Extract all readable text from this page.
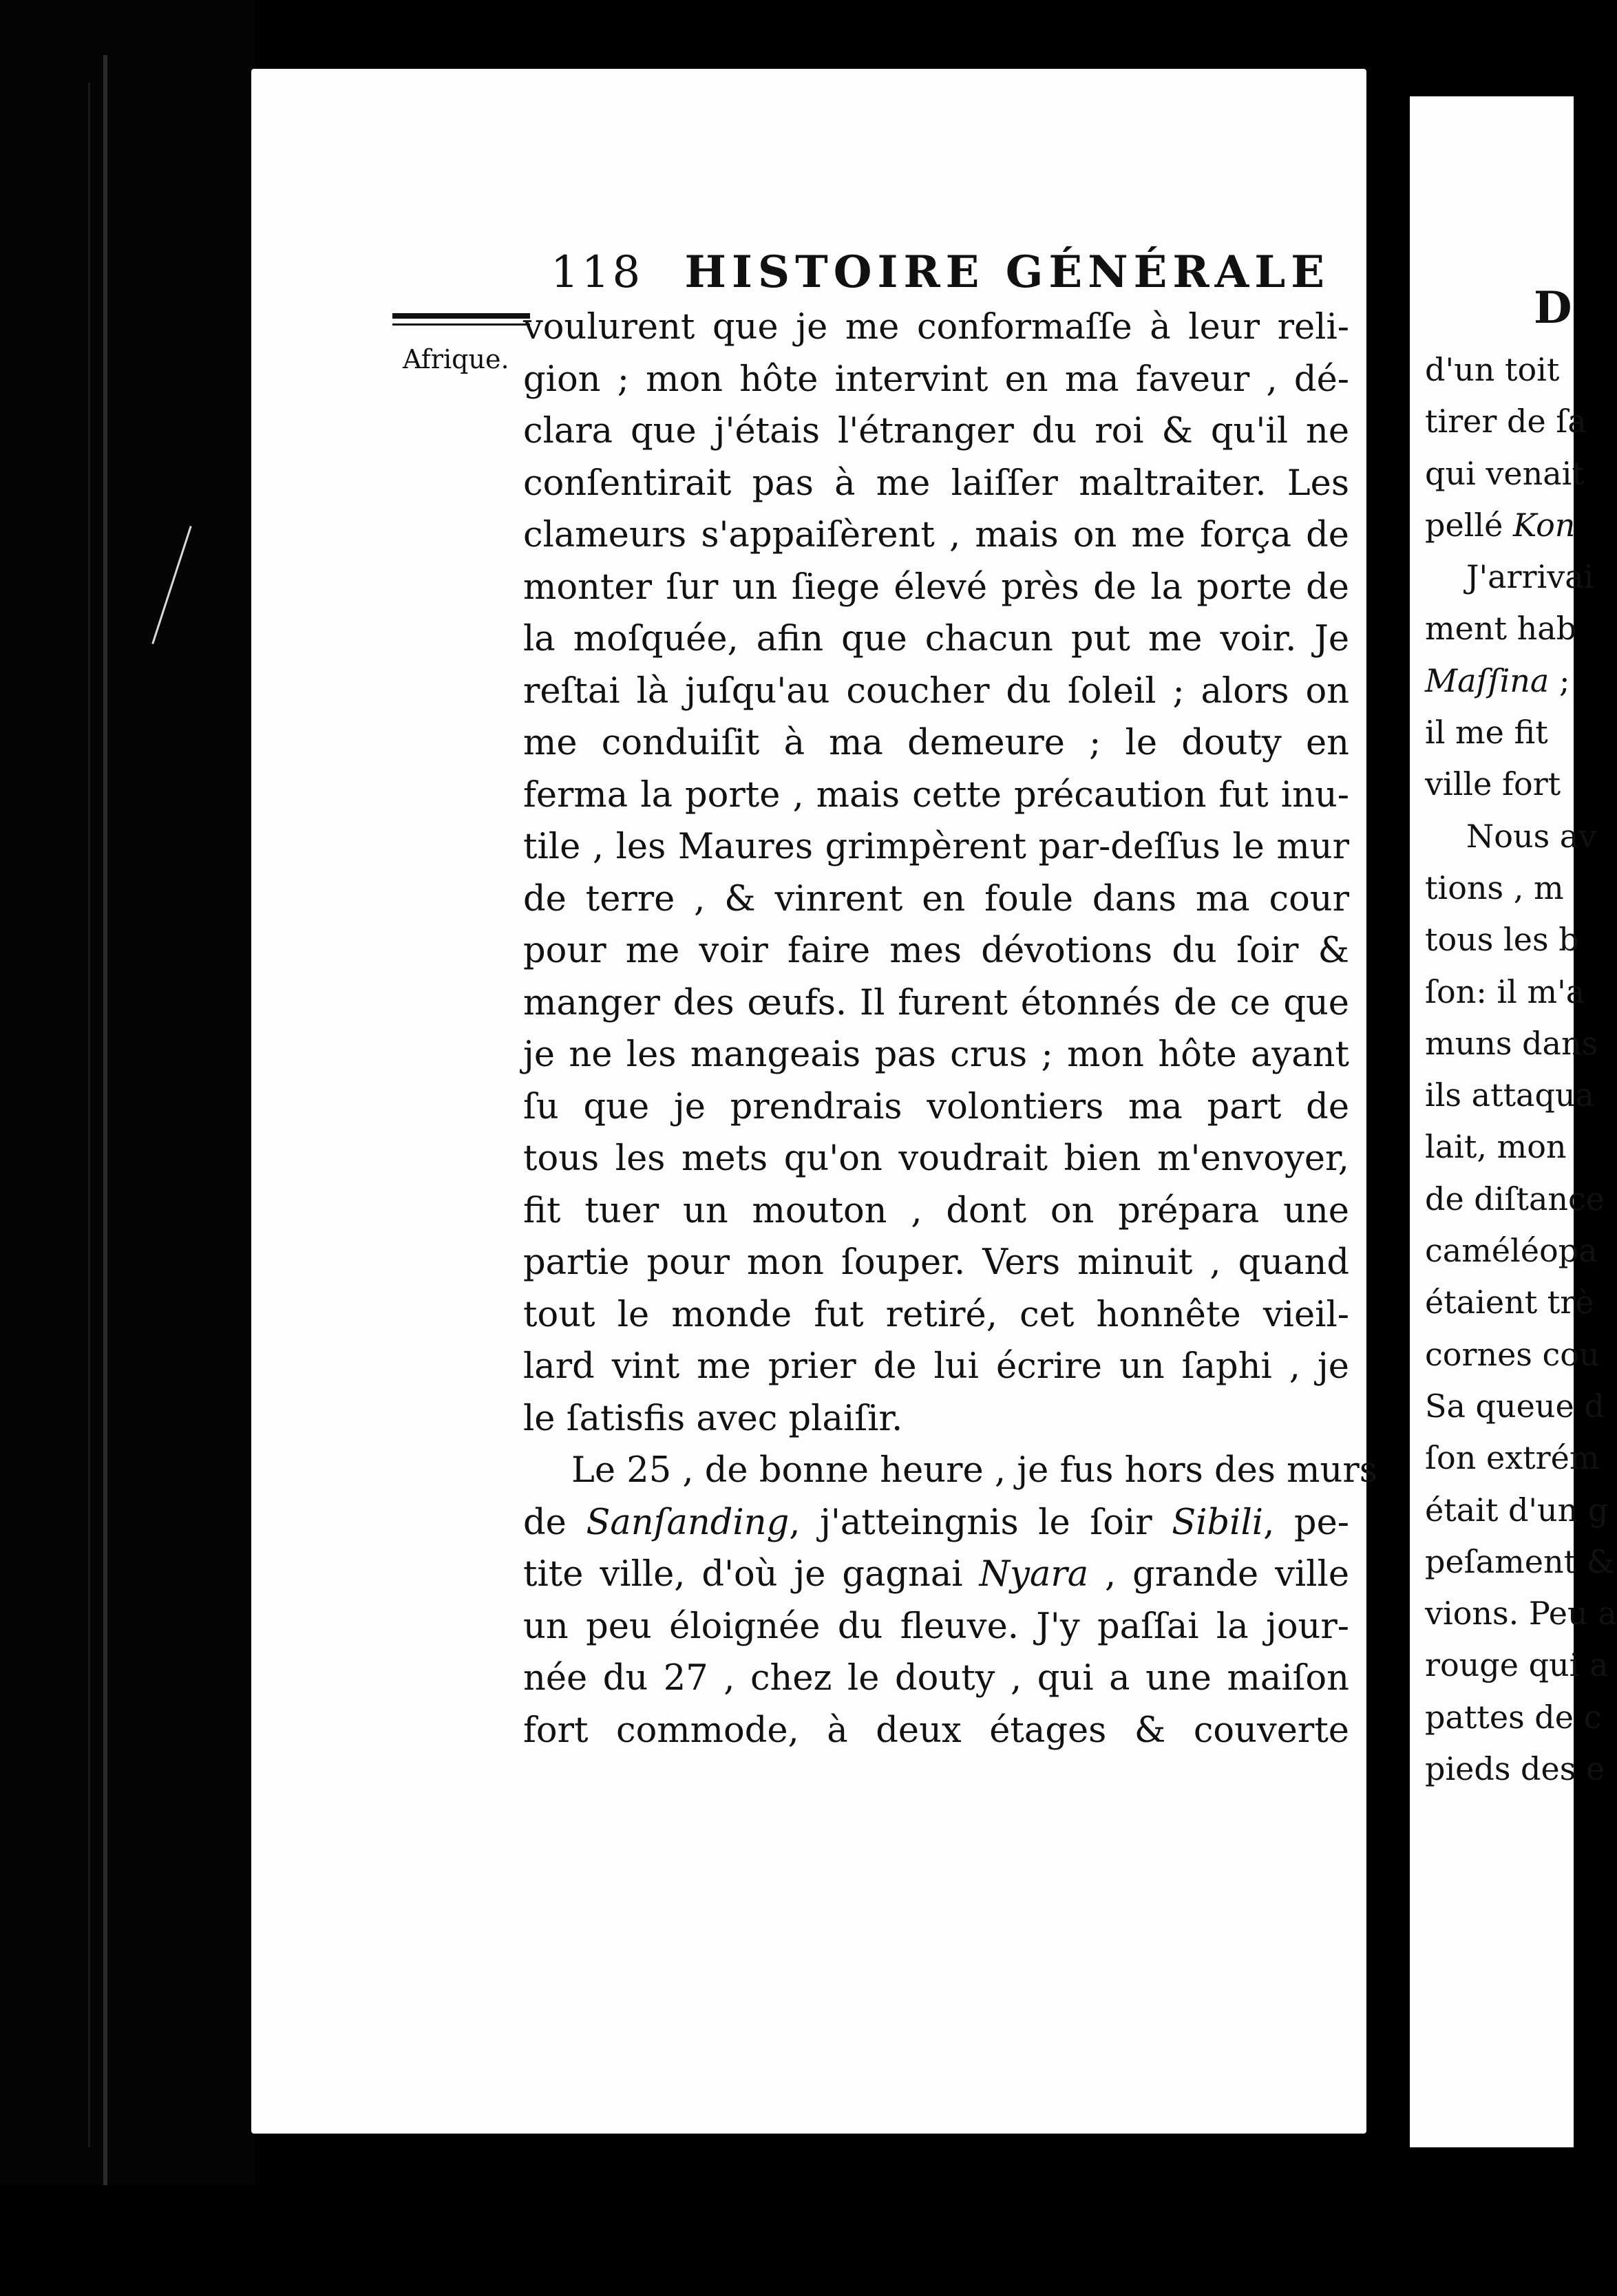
118 HISTOIRE GÉNÉRALE
Afrique.
voulurent que je me conformaſſe à leur reli-
gion ; mon hôte intervint en ma faveur , dé-
clara que j'étais l'étranger du roi & qu'il ne
conſentirait pas à me laiſſer maltraiter. Les
clameurs s'appaiſèrent , mais on me força de
monter ſur un ſiege élevé près de la porte de
la moſquée, afin que chacun put me voir. Je
reſtai là juſqu'au coucher du ſoleil ; alors on
me conduiſit à ma demeure ; le douty en
ferma la porte , mais cette précaution fut inu-
tile , les Maures grimpèrent par-deſſus le mur
de terre , & vinrent en foule dans ma cour
pour me voir faire mes dévotions du ſoir &
manger des œufs. Il furent étonnés de ce que
je ne les mangeais pas crus ; mon hôte ayant
ſu que je prendrais volontiers ma part de
tous les mets qu'on voudrait bien m'envoyer,
fit tuer un mouton , dont on prépara une
partie pour mon ſouper. Vers minuit , quand
tout le monde fut retiré, cet honnête vieil-
lard vint me prier de lui écrire un ſaphi , je
le ſatisfis avec plaiſir.
Le 25 , de bonne heure , je fus hors des murs
de Sanſanding, j'atteingnis le ſoir Sibili, pe-
tite ville, d'où je gagnai Nyara , grande ville
un peu éloignée du fleuve. J'y paſſai la jour-
née du 27 , chez le douty , qui a une maiſon
fort commode, à deux étages & couverte
D
d'un toit
tirer de ſa
qui venait
pellé Kon
J'arrivai
ment hab
Maſſina ;
il me fit
ville fort
Nous av
tions , m
tous les b
ſon: il m'a
muns dans
ils attaqua
lait, mon
de diſtance
caméléopa
étaient trè
cornes cou
Sa queue d
ſon extrém
était d'un g
peſament &
vions. Peu a
rouge qui a
pattes de c
pieds des e
